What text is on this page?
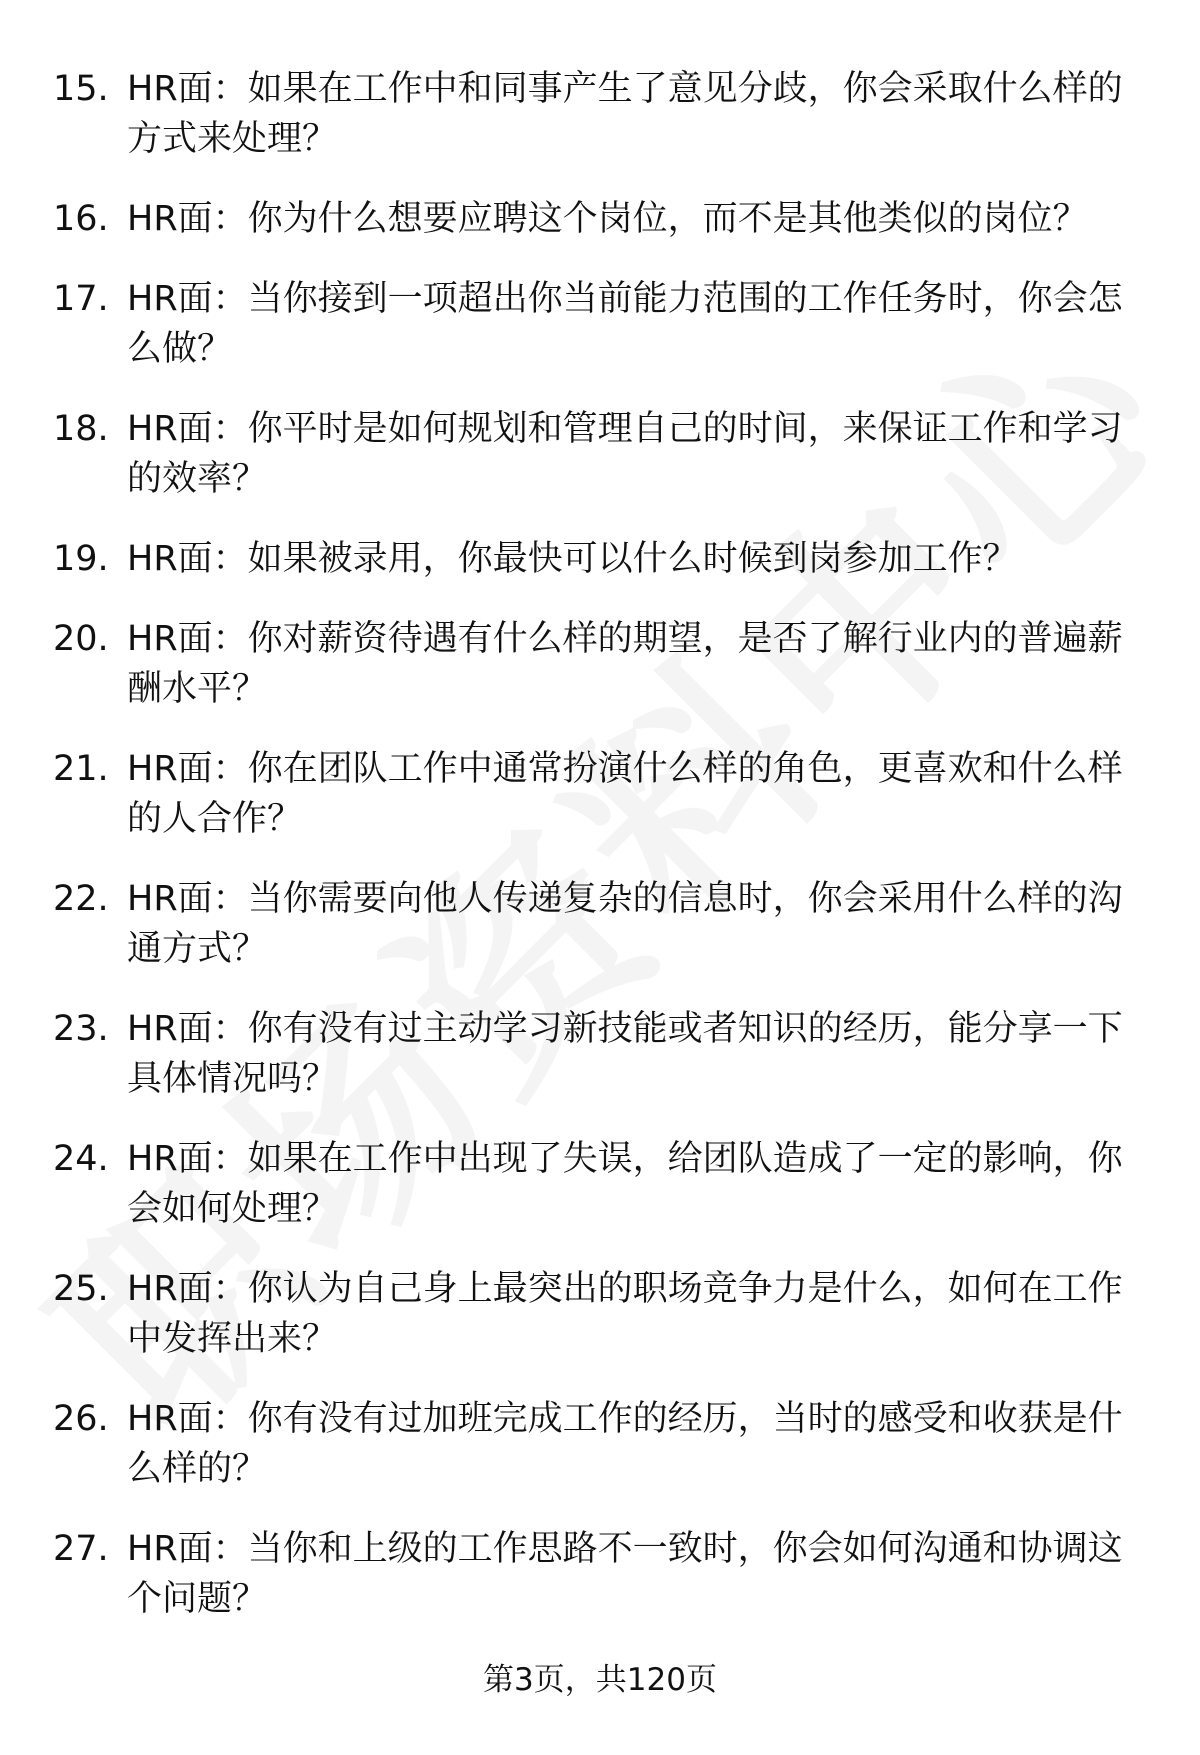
15. HR面：如果在工作中和同事产生了意见分歧，你会采取什么样的方式来处理？
16. HR面：你为什么想要应聘这个岗位，而不是其他类似的岗位？
17. HR面：当你接到一项超出你当前能力范围的工作任务时，你会怎么做？
18. HR面：你平时是如何规划和管理自己的时间，来保证工作和学习的效率？
19. HR面：如果被录用，你最快可以什么时候到岗参加工作？
20. HR面：你对薪资待遇有什么样的期望，是否了解行业内的普遍薪酬水平？
21. HR面：你在团队工作中通常扮演什么样的角色，更喜欢和什么样的人合作？
22. HR面：当你需要向他人传递复杂的信息时，你会采用什么样的沟通方式？
23. HR面：你有没有过主动学习新技能或者知识的经历，能分享一下具体情况吗？
24. HR面：如果在工作中出现了失误，给团队造成了一定的影响，你会如何处理？
25. HR面：你认为自己身上最突出的职场竞争力是什么，如何在工作中发挥出来？
26. HR面：你有没有过加班完成工作的经历，当时的感受和收获是什么样的？
27. HR面：当你和上级的工作思路不一致时，你会如何沟通和协调这个问题？
第3页，共120页
